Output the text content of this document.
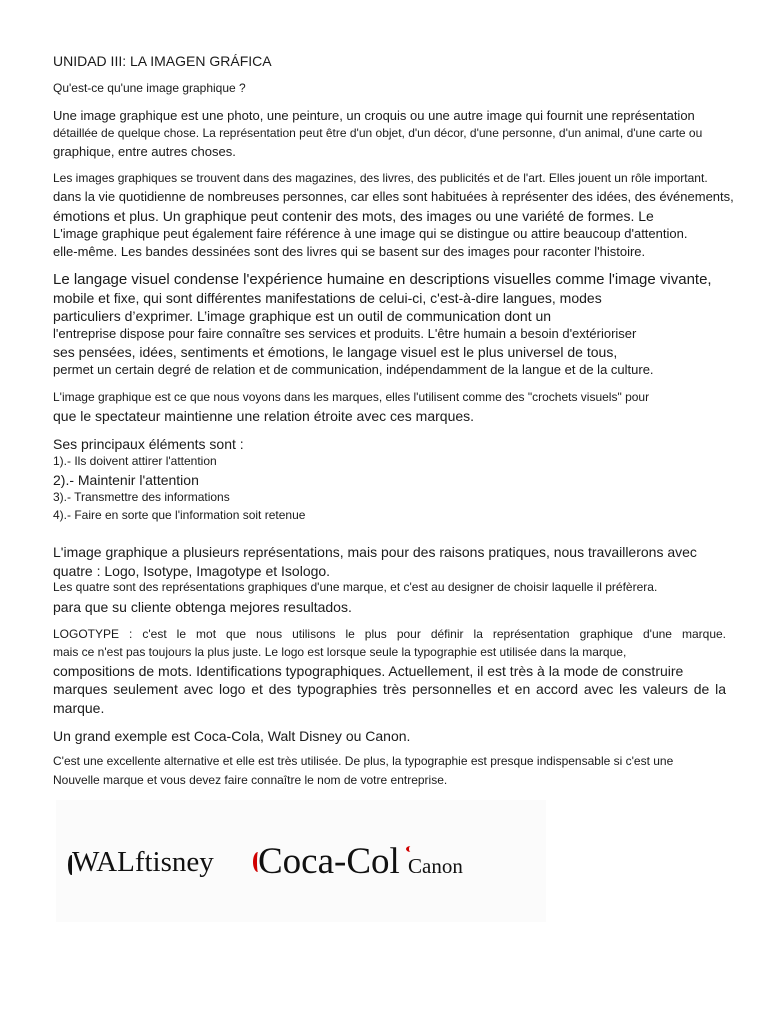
UNIDAD III: LA IMAGEN GRÁFICA

Qu'est-ce qu'une image graphique ?

Une image graphique est une photo, une peinture, un croquis ou une autre image qui fournit une représentation

détaillée de quelque chose. La représentation peut être d'un objet, d'un décor, d'une personne, d'un animal, d'une carte ou

graphique, entre autres choses.

Les images graphiques se trouvent dans des magazines, des livres, des publicités et de l'art. Elles jouent un rôle important.

dans la vie quotidienne de nombreuses personnes, car elles sont habituées à représenter des idées, des événements,

émotions et plus. Un graphique peut contenir des mots, des images ou une variété de formes. Le

L'image graphique peut également faire référence à une image qui se distingue ou attire beaucoup d'attention.

elle-même. Les bandes dessinées sont des livres qui se basent sur des images pour raconter l'histoire.

Le langage visuel condense l'expérience humaine en descriptions visuelles comme l'image vivante,

mobile et fixe, qui sont différentes manifestations de celui-ci, c'est-à-dire langues, modes

particuliers d’exprimer. L’image graphique est un outil de communication dont un

l'entreprise dispose pour faire connaître ses services et produits. L'être humain a besoin d'extérioriser

ses pensées, idées, sentiments et émotions, le langage visuel est le plus universel de tous,

permet un certain degré de relation et de communication, indépendamment de la langue et de la culture.

L'image graphique est ce que nous voyons dans les marques, elles l'utilisent comme des "crochets visuels" pour

que le spectateur maintienne une relation étroite avec ces marques.

Ses principaux éléments sont :

1).- Ils doivent attirer l'attention

2).- Maintenir l'attention

3).- Transmettre des informations

4).- Faire en sorte que l'information soit retenue

L'image graphique a plusieurs représentations, mais pour des raisons pratiques, nous travaillerons avec

quatre : Logo, Isotype, Imagotype et Isologo.

Les quatre sont des représentations graphiques d'une marque, et c'est au designer de choisir laquelle il préfèrera.

para que su cliente obtenga mejores resultados.

LOGOTYPE : c'est le mot que nous utilisons le plus pour définir la représentation graphique d'une marque.

mais ce n'est pas toujours la plus juste. Le logo est lorsque seule la typographie est utilisée dans la marque,

compositions de mots. Identifications typographiques. Actuellement, il est très à la mode de construire

marques seulement avec logo et des typographies très personnelles et en accord avec les valeurs de la

marque.

Un grand exemple est Coca-Cola, Walt Disney ou Canon.

C'est une excellente alternative et elle est très utilisée. De plus, la typographie est presque indispensable si c'est une

Nouvelle marque et vous devez faire connaître le nom de votre entreprise.

WALftisney Coca-Col Canon
